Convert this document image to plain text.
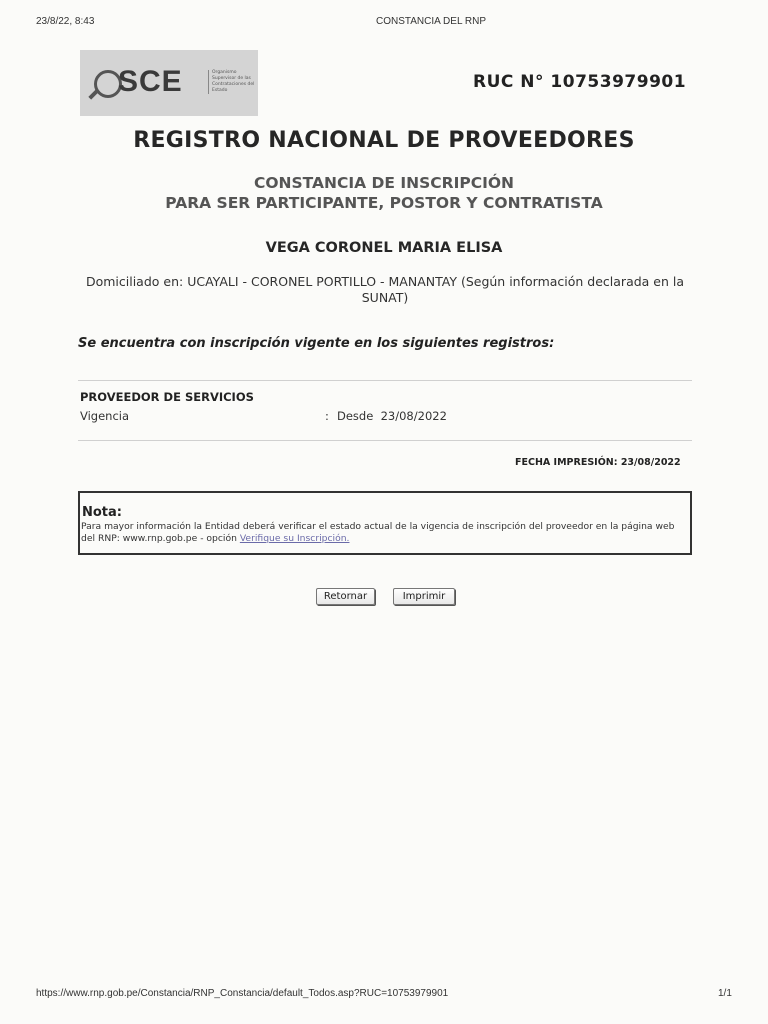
23/8/22, 8:43	CONSTANCIA DEL RNP
SCE	Organismo Supervisor de las Contrataciones del Estado	RUC N° 10753979901
REGISTRO NACIONAL DE PROVEEDORES
CONSTANCIA DE INSCRIPCIÓN
PARA SER PARTICIPANTE, POSTOR Y CONTRATISTA
VEGA CORONEL MARIA ELISA
Domiciliado en: UCAYALI - CORONEL PORTILLO - MANANTAY (Según información declarada en la SUNAT)
Se encuentra con inscripción vigente en los siguientes registros:
PROVEEDOR DE SERVICIOS
Vigencia	: Desde  23/08/2022
FECHA IMPRESIÓN: 23/08/2022
Nota:
Para mayor información la Entidad deberá verificar el estado actual de la vigencia de inscripción del proveedor en la página web del RNP: www.rnp.gob.pe - opción Verifique su Inscripción.
Retornar	Imprimir
https://www.rnp.gob.pe/Constancia/RNP_Constancia/default_Todos.asp?RUC=10753979901	1/1
